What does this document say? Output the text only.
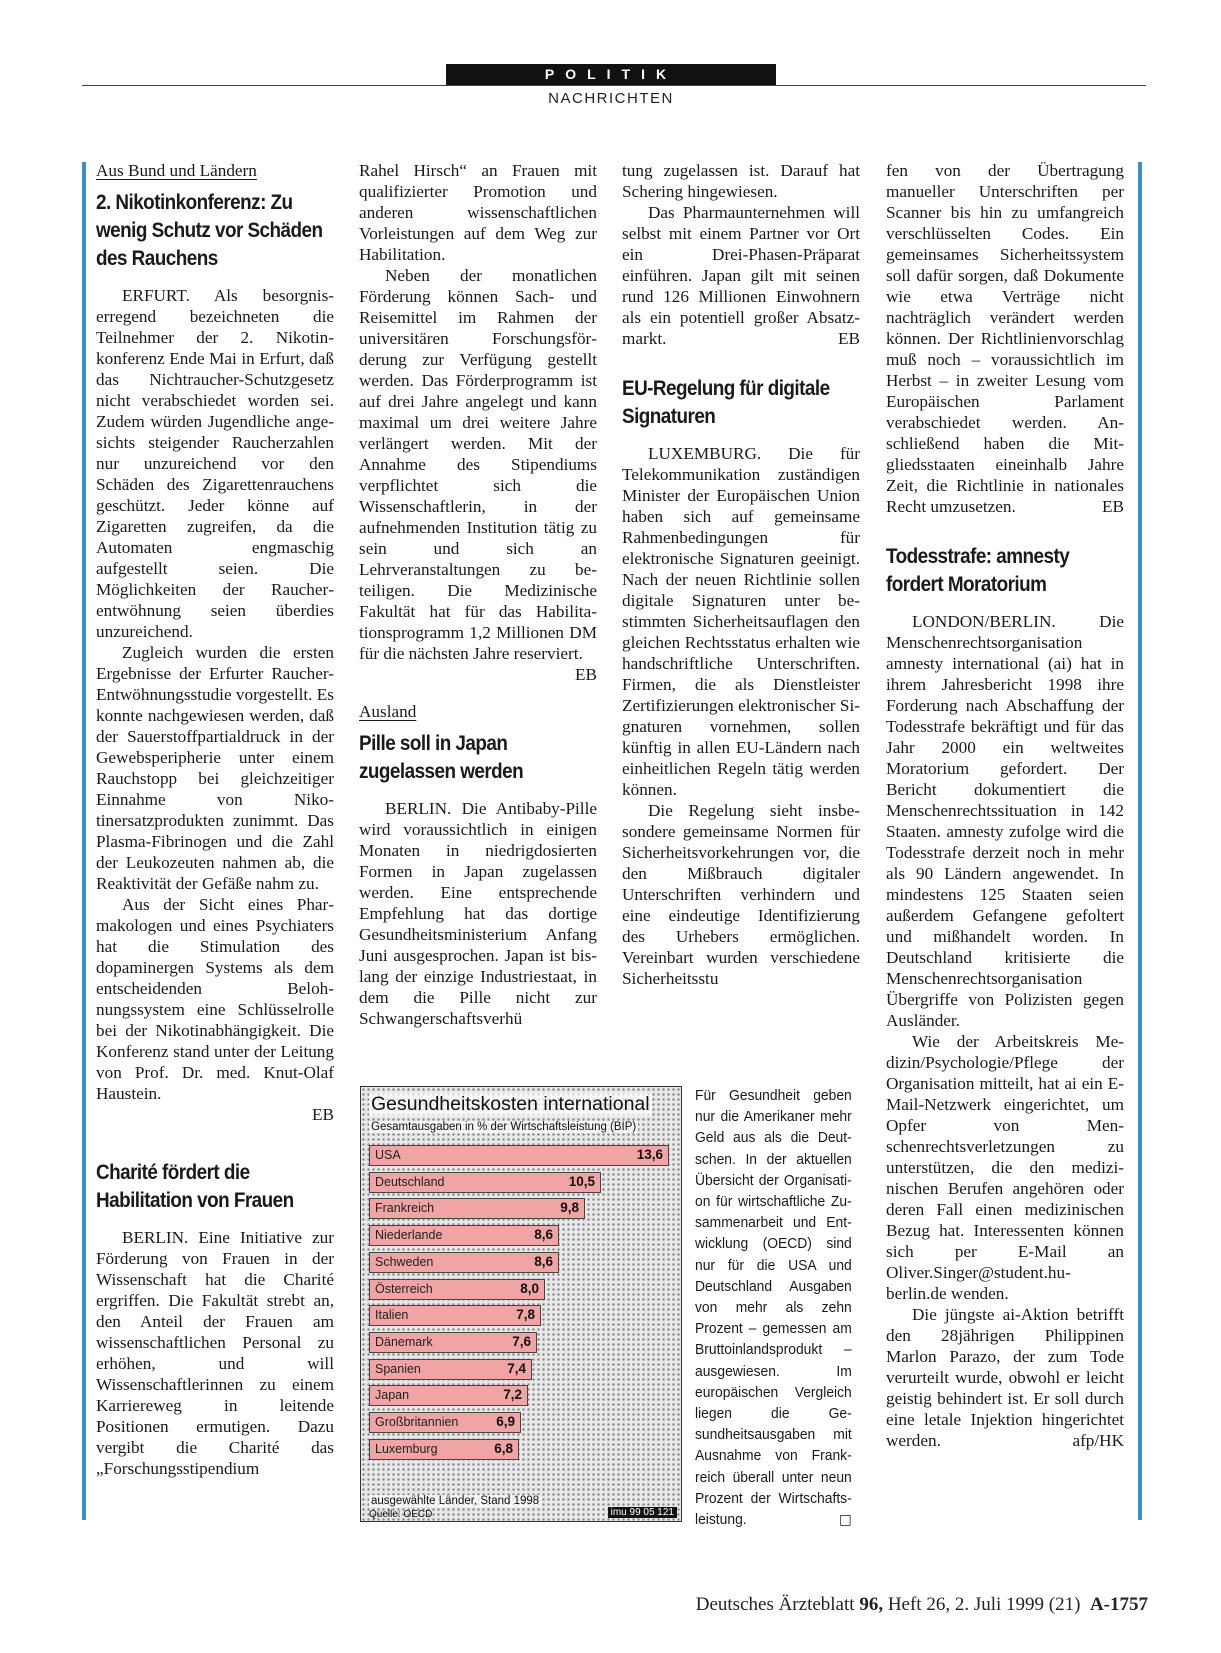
POLITIK
NACHRICHTEN
Aus Bund und Ländern
2. Nikotinkonferenz: Zu wenig Schutz vor Schäden des Rauchens

ERFURT. Als besorgniserregend bezeichneten die Teilnehmer der 2. Nikotinkonferenz Ende Mai in Erfurt, daß das Nichtraucher-Schutzgesetz nicht verabschiedet worden sei. Zudem würden Jugendliche angesichts steigender Raucherzahlen nur unzureichend vor den Schäden des Zigarettenrauchens geschützt. Jeder könne auf Zigaretten zugreifen, da die Automaten engmaschig aufgestellt seien. Die Möglichkeiten der Raucherentwöhnung seien überdies unzureichend.

Zugleich wurden die ersten Ergebnisse der Erfurter Raucher-Entwöhnungsstudie vorgestellt. Es konnte nachgewiesen werden, daß der Sauerstoffpartialdruck in der Gewebsperipherie unter einem Rauchstopp bei gleichzeitiger Einnahme von Nikotinersatzprodukten zunimmt. Das Plasma-Fibrinogen und die Zahl der Leukozeuten nahmen ab, die Reaktivität der Gefäße nahm zu.

Aus der Sicht eines Pharmakologen und eines Psychiaters hat die Stimulation des dopaminergen Systems als dem entscheidenden Belohnungssystem eine Schlüsselrolle bei der Nikotinabhängigkeit. Die Konferenz stand unter der Leitung von Prof. Dr. med. Knut-Olaf Haustein.

EB

Charité fördert die Habilitation von Frauen

BERLIN. Eine Initiative zur Förderung von Frauen in der Wissenschaft hat die Charité ergriffen. Die Fakultät strebt an, den Anteil der Frauen am wissenschaftlichen Personal zu erhöhen, und will Wissenschaftlerinnen zu einem Karriereweg in leitende Positionen ermutigen. Dazu vergibt die Charité das „Forschungsstipendium

Rahel Hirsch“ an Frauen mit qualifizierter Promotion und anderen wissenschaftlichen Vorleistungen auf dem Weg zur Habilitation.

Neben der monatlichen Förderung können Sach- und Reisemittel im Rahmen der universitären Forschungsförderung zur Verfügung gestellt werden. Das Förderprogramm ist auf drei Jahre angelegt und kann maximal um drei weitere Jahre verlängert werden. Mit der Annahme des Stipendiums verpflichtet sich die Wissenschaftlerin, in der aufnehmenden Institution tätig zu sein und sich an Lehrveranstaltungen zu beteiligen. Die Medizinische Fakultät hat für das Habilitationsprogramm 1,2 Millionen DM für die nächsten Jahre reserviert.

EB

Ausland
Pille soll in Japan zugelassen werden

BERLIN. Die Antibaby-Pille wird voraussichtlich in einigen Monaten in niedrigdosierten Formen in Japan zugelassen werden. Eine entsprechende Empfehlung hat das dortige Gesundheitsministerium Anfang Juni ausgesprochen. Japan ist bislang der einzige Industriestaat, in dem die Pille nicht zur Schwangerschaftsverhü

tung zugelassen ist. Darauf hat Schering hingewiesen.

Das Pharmaunternehmen will selbst mit einem Partner vor Ort ein Drei-Phasen-Präparat einführen. Japan gilt mit seinen rund 126 Millionen Einwohnern als ein potentiell großer Absatzmarkt.	EB

EU-Regelung für digitale Signaturen

LUXEMBURG. Die für Telekommunikation zuständigen Minister der Europäischen Union haben sich auf gemeinsame Rahmenbedingungen für elektronische Signaturen geeinigt. Nach der neuen Richtlinie sollen digitale Signaturen unter bestimmten Sicherheitsauflagen den gleichen Rechtsstatus erhalten wie handschriftliche Unterschriften. Firmen, die als Dienstleister Zertifizierungen elektronischer Signaturen vornehmen, sollen künftig in allen EU-Ländern nach einheitlichen Regeln tätig werden können.

Die Regelung sieht insbesondere gemeinsame Normen für Sicherheitsvorkehrungen vor, die den Mißbrauch digitaler Unterschriften verhindern und eine eindeutige Identifizierung des Urhebers ermöglichen. Vereinbart wurden verschiedene Sicherheitsstu

fen von der Übertragung manueller Unterschriften per Scanner bis hin zu umfangreich verschlüsselten Codes. Ein gemeinsames Sicherheitssystem soll dafür sorgen, daß Dokumente wie etwa Verträge nicht nachträglich verändert werden können. Der Richtlinienvorschlag muß noch – voraussichtlich im Herbst – in zweiter Lesung vom Europäischen Parlament verabschiedet werden. Anschließend haben die Mitgliedsstaaten eineinhalb Jahre Zeit, die Richtlinie in nationales Recht umzusetzen.	EB

Todesstrafe: amnesty fordert Moratorium

LONDON/BERLIN. Die Menschenrechtsorganisation amnesty international (ai) hat in ihrem Jahresbericht 1998 ihre Forderung nach Abschaffung der Todesstrafe bekräftigt und für das Jahr 2000 ein weltweites Moratorium gefordert. Der Bericht dokumentiert die Menschenrechtssituation in 142 Staaten. amnesty zufolge wird die Todesstrafe derzeit noch in mehr als 90 Ländern angewendet. In mindestens 125 Staaten seien außerdem Gefangene gefoltert und mißhandelt worden. In Deutschland kritisierte die Menschenrechtsorganisation Übergriffe von Polizisten gegen Ausländer.

Wie der Arbeitskreis Medizin/Psychologie/Pflege der Organisation mitteilt, hat ai ein E-Mail-Netzwerk eingerichtet, um Opfer von Menschenrechtsverletzungen zu unterstützen, die den medizinischen Berufen angehören oder deren Fall einen medizinischen Bezug hat. Interessenten können sich per E-Mail an Oliver.Singer@student.hu-berlin.de wenden.

Die jüngste ai-Aktion betrifft den 28jährigen Philippinen Marlon Parazo, der zum Tode verurteilt wurde, obwohl er leicht geistig behindert ist. Er soll durch eine letale Injektion hingerichtet werden.	afp/HK

Gesundheitskosten international
Gesamtausgaben in % der Wirtschaftsleistung (BIP)
USA	13,6
Deutschland	10,5
Frankreich	9,8
Niederlande	8,6
Schweden	8,6
Österreich	8,0
Italien	7,8
Dänemark	7,6
Spanien	7,4
Japan	7,2
Großbritannien	6,9
Luxemburg	6,8
ausgewählte Länder, Stand 1998
Quelle: OECD	imu 99 05 121
Für Gesundheit geben nur die Amerikaner mehr Geld aus als die Deutschen. In der aktuellen Übersicht der Organisation für wirtschaftliche Zusammenarbeit und Entwicklung (OECD) sind nur für die USA und Deutschland Ausgaben von mehr als zehn Prozent – gemessen am Bruttoinlandsprodukt – ausgewiesen. Im europäischen Vergleich liegen die Gesundheitsausgaben mit Ausnahme von Frankreich überall unter neun Prozent der Wirtschaftsleistung.	□
Deutsches Ärzteblatt 96, Heft 26, 2. Juli 1999 (21) A-1757
